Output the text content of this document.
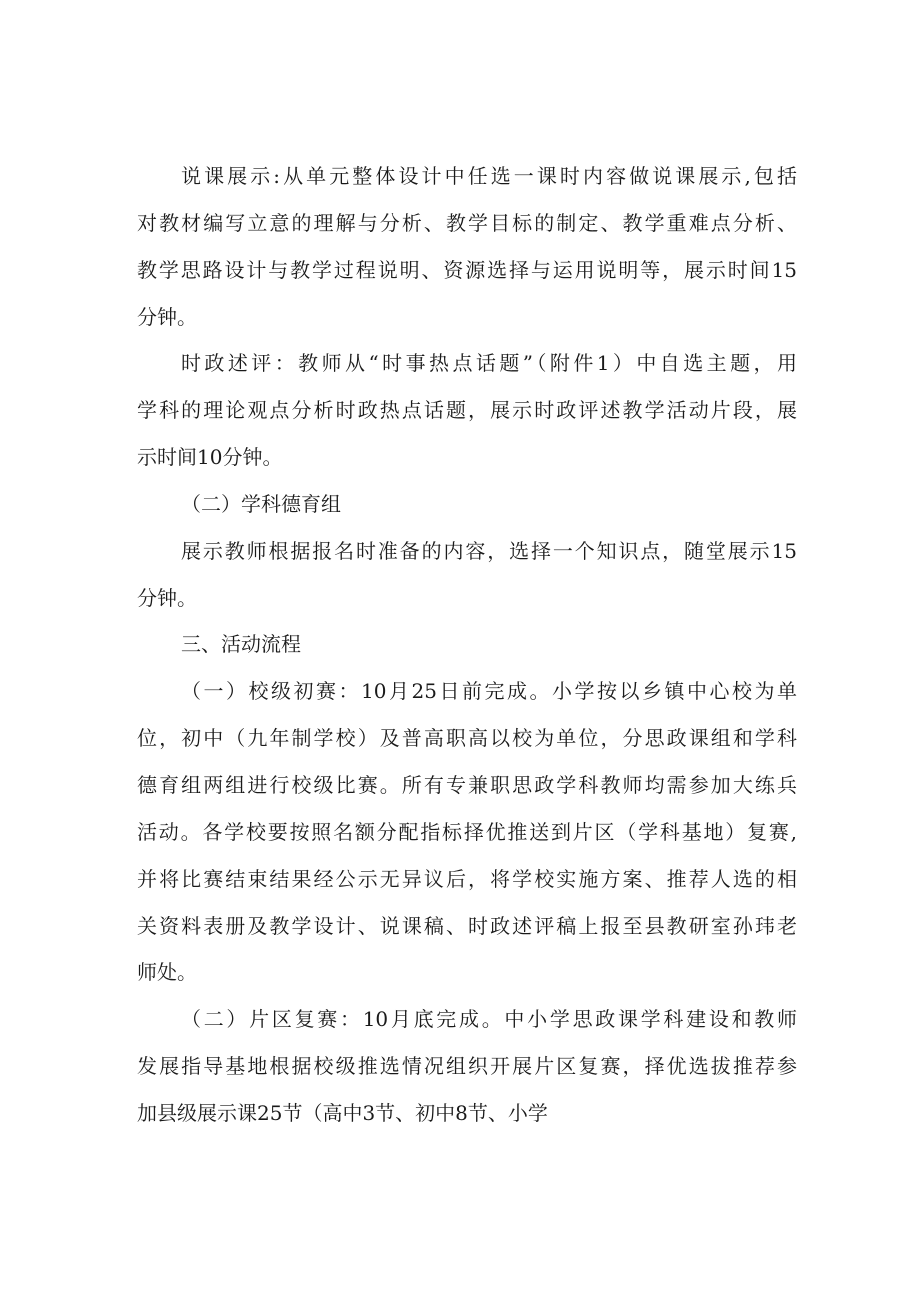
说课展示:从单元整体设计中任选一课时内容做说课展示,包括
对教材编写立意的理解与分析、教学目标的制定、教学重难点分析、
教学思路设计与教学过程说明、资源选择与运用说明等，展示时间15
分钟。
时政述评：教师从“时事热点话题”（附件1）中自选主题，用
学科的理论观点分析时政热点话题，展示时政评述教学活动片段，展
示时间10分钟。
（二）学科德育组
展示教师根据报名时准备的内容，选择一个知识点，随堂展示15
分钟。
三、活动流程
（一）校级初赛：10月25日前完成。小学按以乡镇中心校为单
位，初中（九年制学校）及普高职高以校为单位，分思政课组和学科
德育组两组进行校级比赛。所有专兼职思政学科教师均需参加大练兵
活动。各学校要按照名额分配指标择优推送到片区（学科基地）复赛,
并将比赛结束结果经公示无异议后，将学校实施方案、推荐人选的相
关资料表册及教学设计、说课稿、时政述评稿上报至县教研室孙玮老
师处。
（二）片区复赛：10月底完成。中小学思政课学科建设和教师
发展指导基地根据校级推选情况组织开展片区复赛，择优选拔推荐参
加县级展示课25节（高中3节、初中8节、小学
